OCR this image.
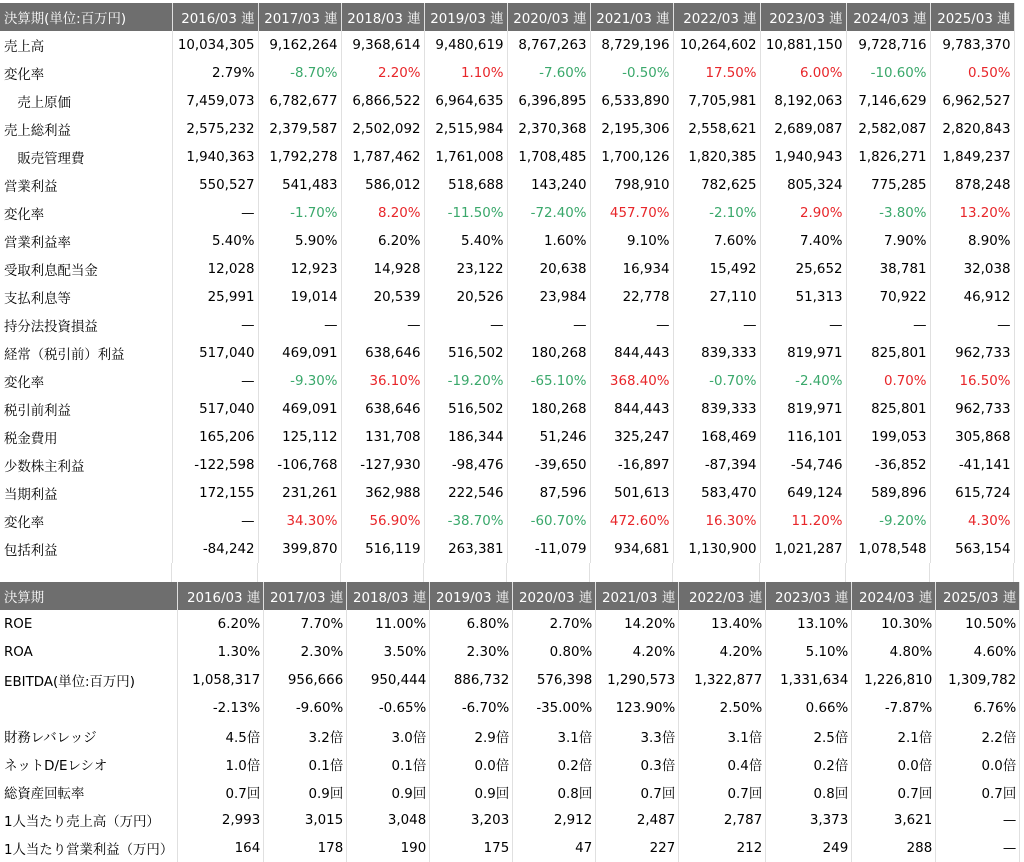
決算期(単位:百万円)	2016/03 連	2017/03 連	2018/03 連	2019/03 連	2020/03 連	2021/03 連	2022/03 連	2023/03 連	2024/03 連	2025/03 連
売上高	10,034,305	9,162,264	9,368,614	9,480,619	8,767,263	8,729,196	10,264,602	10,881,150	9,728,716	9,783,370
変化率	2.79%	-8.70%	2.20%	1.10%	-7.60%	-0.50%	17.50%	6.00%	-10.60%	0.50%
　売上原価	7,459,073	6,782,677	6,866,522	6,964,635	6,396,895	6,533,890	7,705,981	8,192,063	7,146,629	6,962,527
売上総利益	2,575,232	2,379,587	2,502,092	2,515,984	2,370,368	2,195,306	2,558,621	2,689,087	2,582,087	2,820,843
　販売管理費	1,940,363	1,792,278	1,787,462	1,761,008	1,708,485	1,700,126	1,820,385	1,940,943	1,826,271	1,849,237
営業利益	550,527	541,483	586,012	518,688	143,240	798,910	782,625	805,324	775,285	878,248
変化率	—	-1.70%	8.20%	-11.50%	-72.40%	457.70%	-2.10%	2.90%	-3.80%	13.20%
営業利益率	5.40%	5.90%	6.20%	5.40%	1.60%	9.10%	7.60%	7.40%	7.90%	8.90%
受取利息配当金	12,028	12,923	14,928	23,122	20,638	16,934	15,492	25,652	38,781	32,038
支払利息等	25,991	19,014	20,539	20,526	23,984	22,778	27,110	51,313	70,922	46,912
持分法投資損益	—	—	—	—	—	—	—	—	—	—
経常（税引前）利益	517,040	469,091	638,646	516,502	180,268	844,443	839,333	819,971	825,801	962,733
変化率	—	-9.30%	36.10%	-19.20%	-65.10%	368.40%	-0.70%	-2.40%	0.70%	16.50%
税引前利益	517,040	469,091	638,646	516,502	180,268	844,443	839,333	819,971	825,801	962,733
税金費用	165,206	125,112	131,708	186,344	51,246	325,247	168,469	116,101	199,053	305,868
少数株主利益	-122,598	-106,768	-127,930	-98,476	-39,650	-16,897	-87,394	-54,746	-36,852	-41,141
当期利益	172,155	231,261	362,988	222,546	87,596	501,613	583,470	649,124	589,896	615,724
変化率	—	34.30%	56.90%	-38.70%	-60.70%	472.60%	16.30%	11.20%	-9.20%	4.30%
包括利益	-84,242	399,870	516,119	263,381	-11,079	934,681	1,130,900	1,021,287	1,078,548	563,154
決算期	2016/03 連	2017/03 連	2018/03 連	2019/03 連	2020/03 連	2021/03 連	2022/03 連	2023/03 連	2024/03 連	2025/03 連
ROE	6.20%	7.70%	11.00%	6.80%	2.70%	14.20%	13.40%	13.10%	10.30%	10.50%
ROA	1.30%	2.30%	3.50%	2.30%	0.80%	4.20%	4.20%	5.10%	4.80%	4.60%
EBITDA(単位:百万円)	1,058,317	956,666	950,444	886,732	576,398	1,290,573	1,322,877	1,331,634	1,226,810	1,309,782
	-2.13%	-9.60%	-0.65%	-6.70%	-35.00%	123.90%	2.50%	0.66%	-7.87%	6.76%
財務レバレッジ	4.5倍	3.2倍	3.0倍	2.9倍	3.1倍	3.3倍	3.1倍	2.5倍	2.1倍	2.2倍
ネットD/Eレシオ	1.0倍	0.1倍	0.1倍	0.0倍	0.2倍	0.3倍	0.4倍	0.2倍	0.0倍	0.0倍
総資産回転率	0.7回	0.9回	0.9回	0.9回	0.8回	0.7回	0.7回	0.8回	0.7回	0.7回
1人当たり売上高（万円）	2,993	3,015	3,048	3,203	2,912	2,487	2,787	3,373	3,621	—
1人当たり営業利益（万円）	164	178	190	175	47	227	212	249	288	—
